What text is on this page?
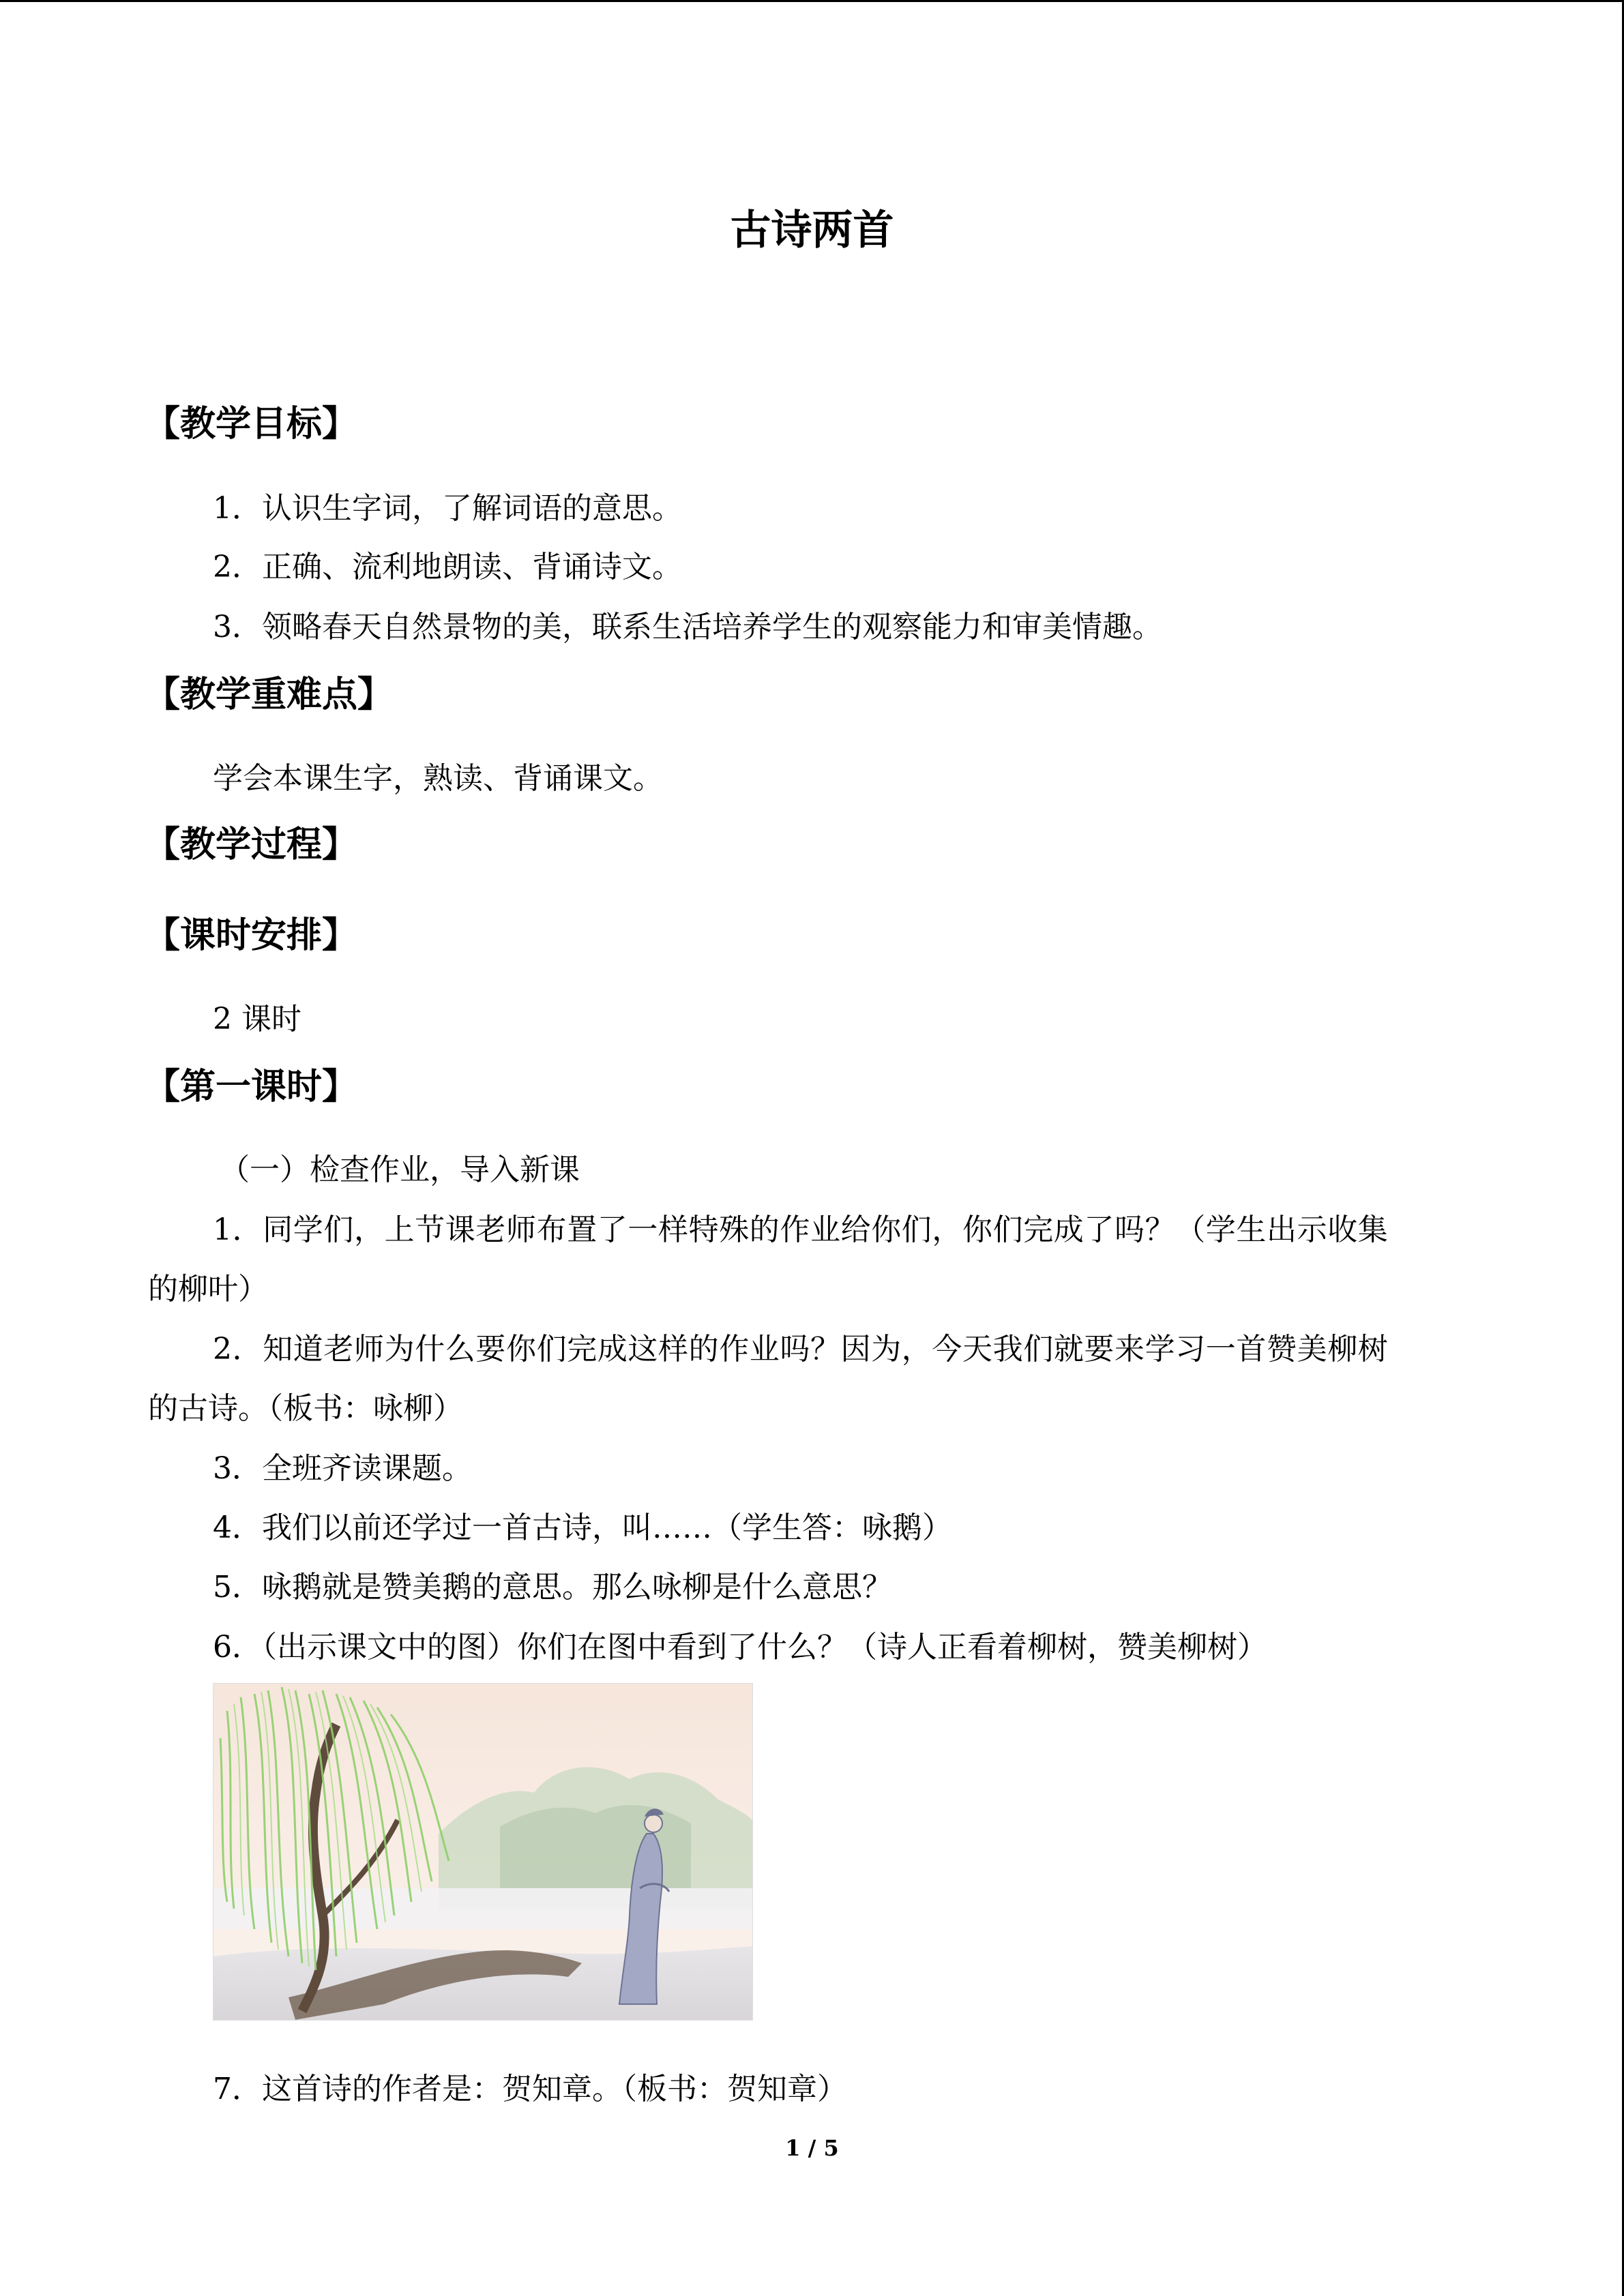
古诗两首
【教学目标】
1．认识生字词，了解词语的意思。
2．正确、流利地朗读、背诵诗文。
3．领略春天自然景物的美，联系生活培养学生的观察能力和审美情趣。
【教学重难点】
学会本课生字，熟读、背诵课文。
【教学过程】
【课时安排】
2 课时
【第一课时】
（一）检查作业，导入新课
1．同学们，上节课老师布置了一样特殊的作业给你们，你们完成了吗？（学生出示收集
的柳叶）
2．知道老师为什么要你们完成这样的作业吗？因为，今天我们就要来学习一首赞美柳树
的古诗。（板书：咏柳）
3．全班齐读课题。
4．我们以前还学过一首古诗，叫……（学生答：咏鹅）
5．咏鹅就是赞美鹅的意思。那么咏柳是什么意思？
6．（出示课文中的图）你们在图中看到了什么？（诗人正看着柳树，赞美柳树）
7．这首诗的作者是：贺知章。（板书：贺知章）
1 / 5
